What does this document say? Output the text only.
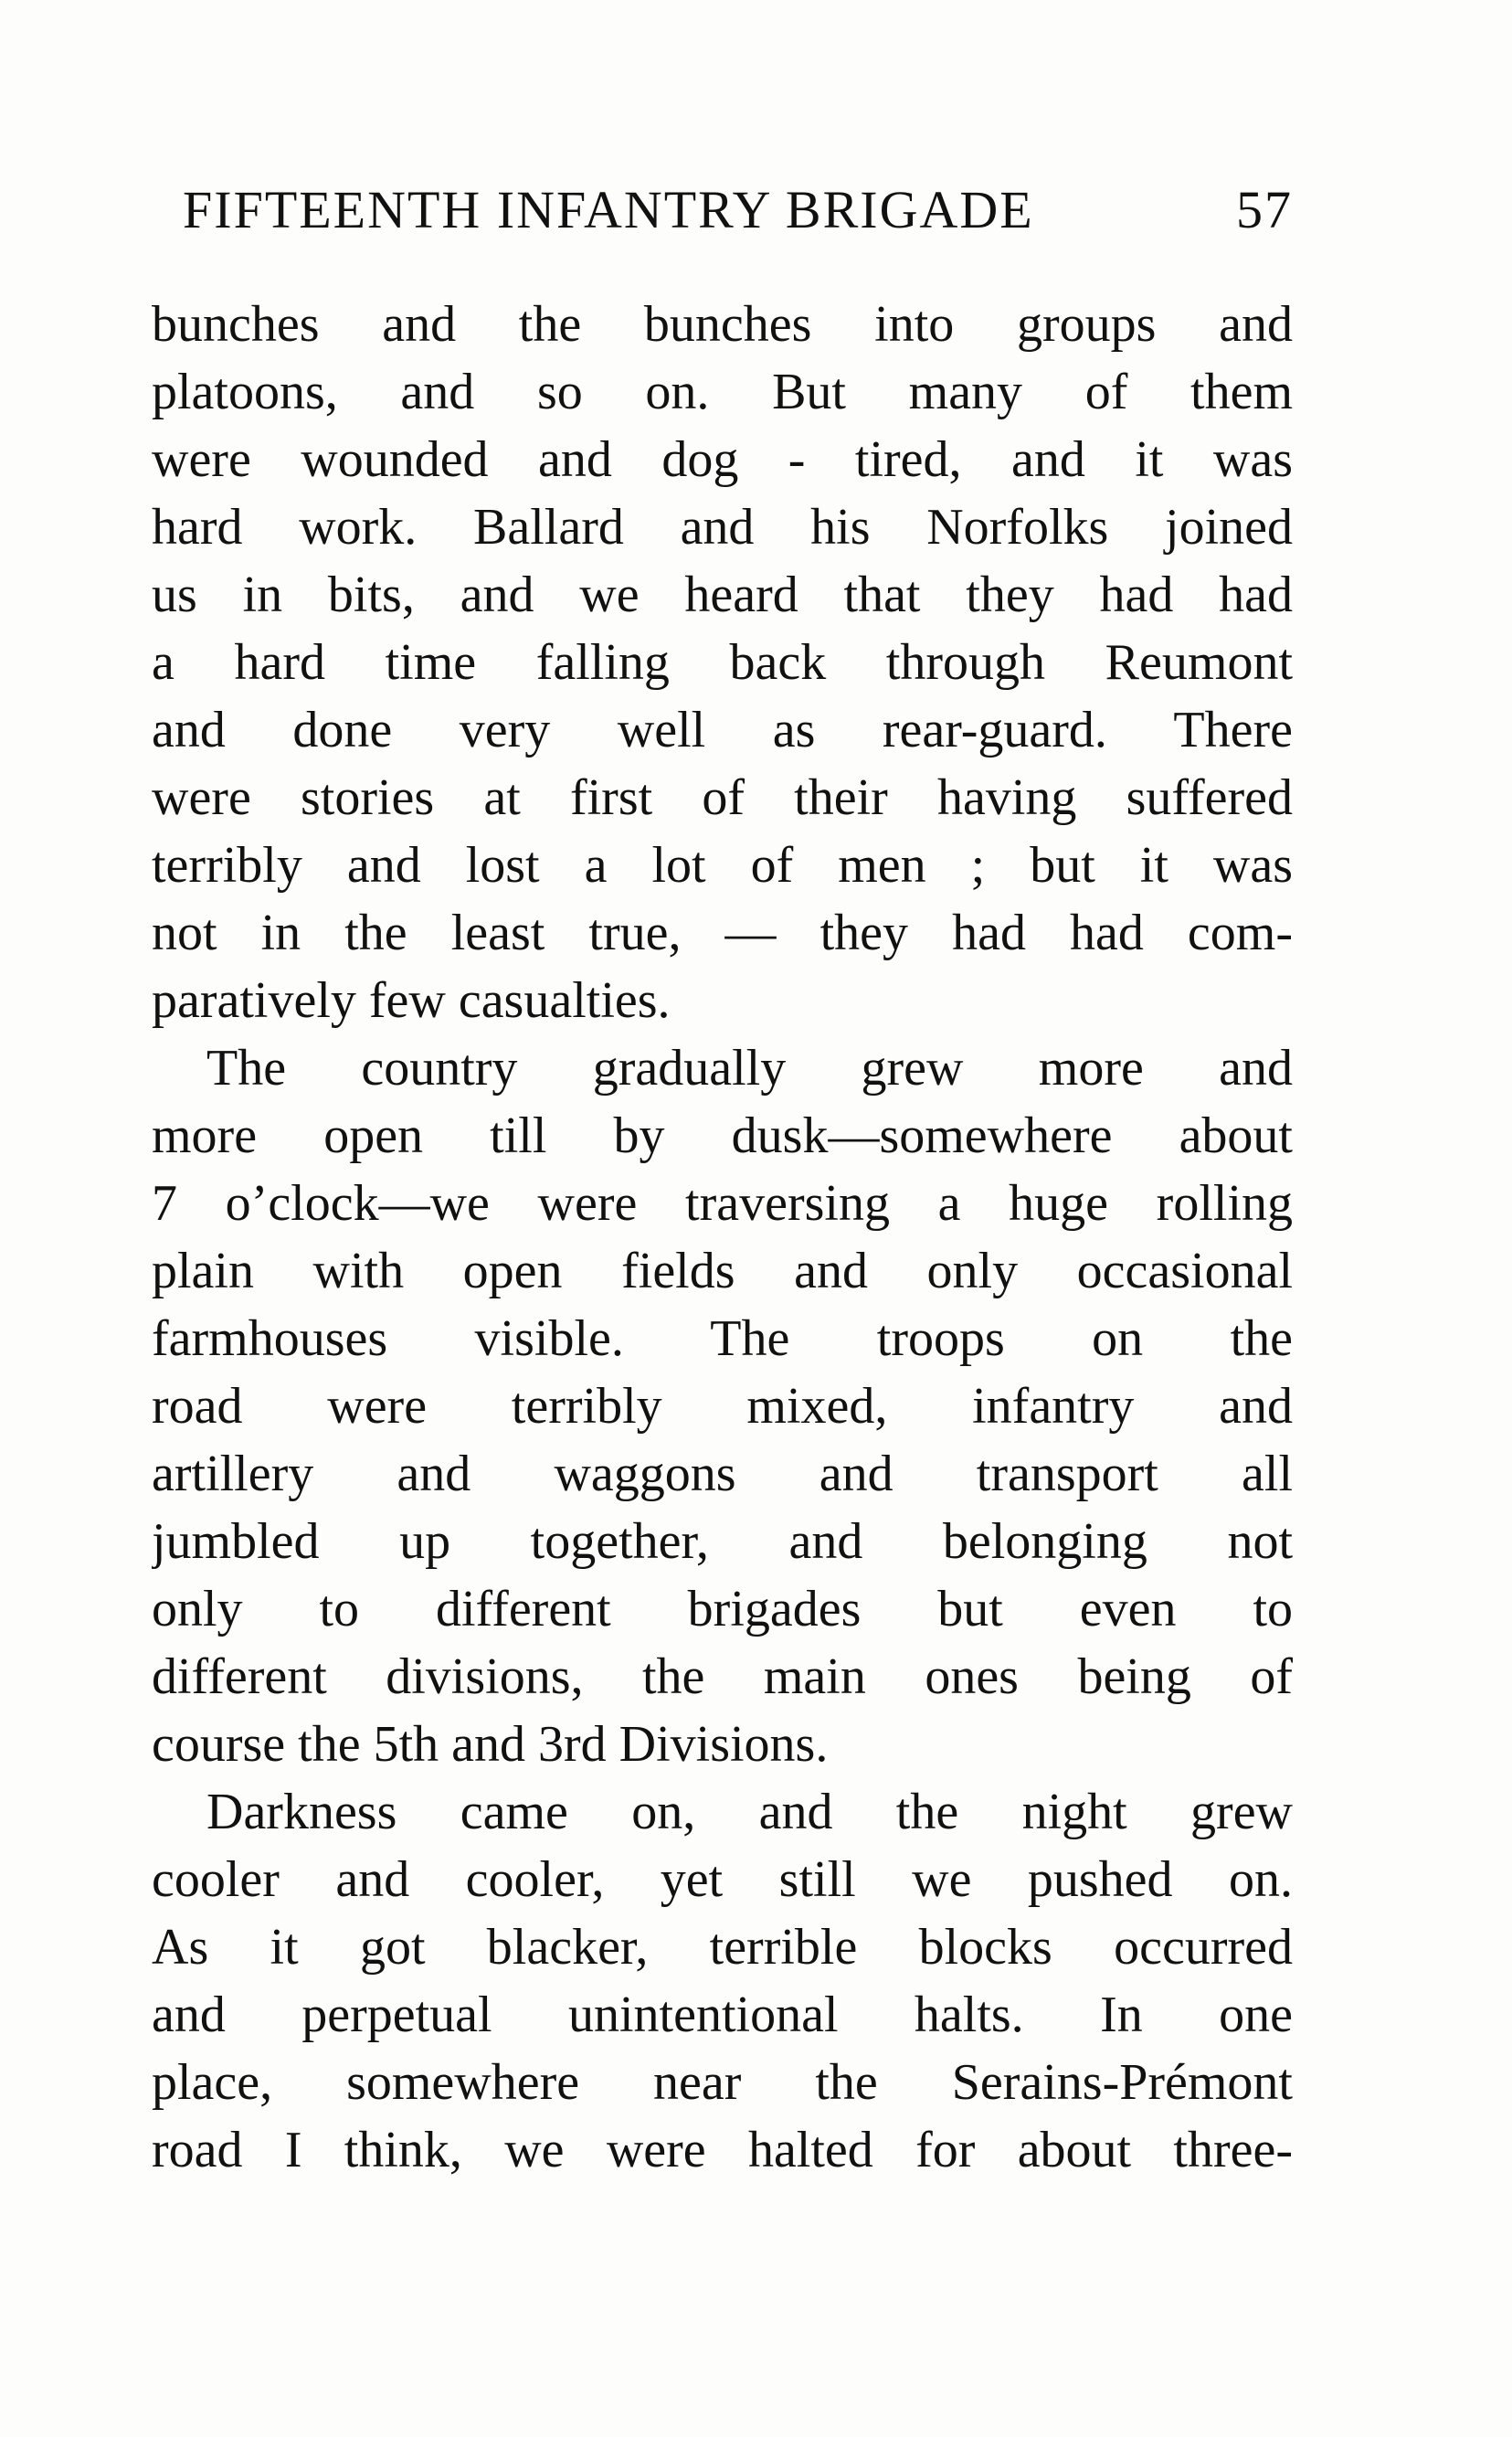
FIFTEENTH INFANTRY BRIGADE	57
bunches and the bunches into groups and
platoons, and so on. But many of them
were wounded and dog - tired, and it was
hard work. Ballard and his Norfolks joined
us in bits, and we heard that they had had
a hard time falling back through Reumont
and done very well as rear-guard. There
were stories at first of their having suffered
terribly and lost a lot of men ; but it was
not in the least true, — they had had com-
paratively few casualties.
The country gradually grew more and
more open till by dusk—somewhere about
7 o’clock—we were traversing a huge rolling
plain with open fields and only occasional
farmhouses visible. The troops on the
road were terribly mixed, infantry and
artillery and waggons and transport all
jumbled up together, and belonging not
only to different brigades but even to
different divisions, the main ones being of
course the 5th and 3rd Divisions.
Darkness came on, and the night grew
cooler and cooler, yet still we pushed on.
As it got blacker, terrible blocks occurred
and perpetual unintentional halts. In one
place, somewhere near the Serains-Prémont
road I think, we were halted for about three-
